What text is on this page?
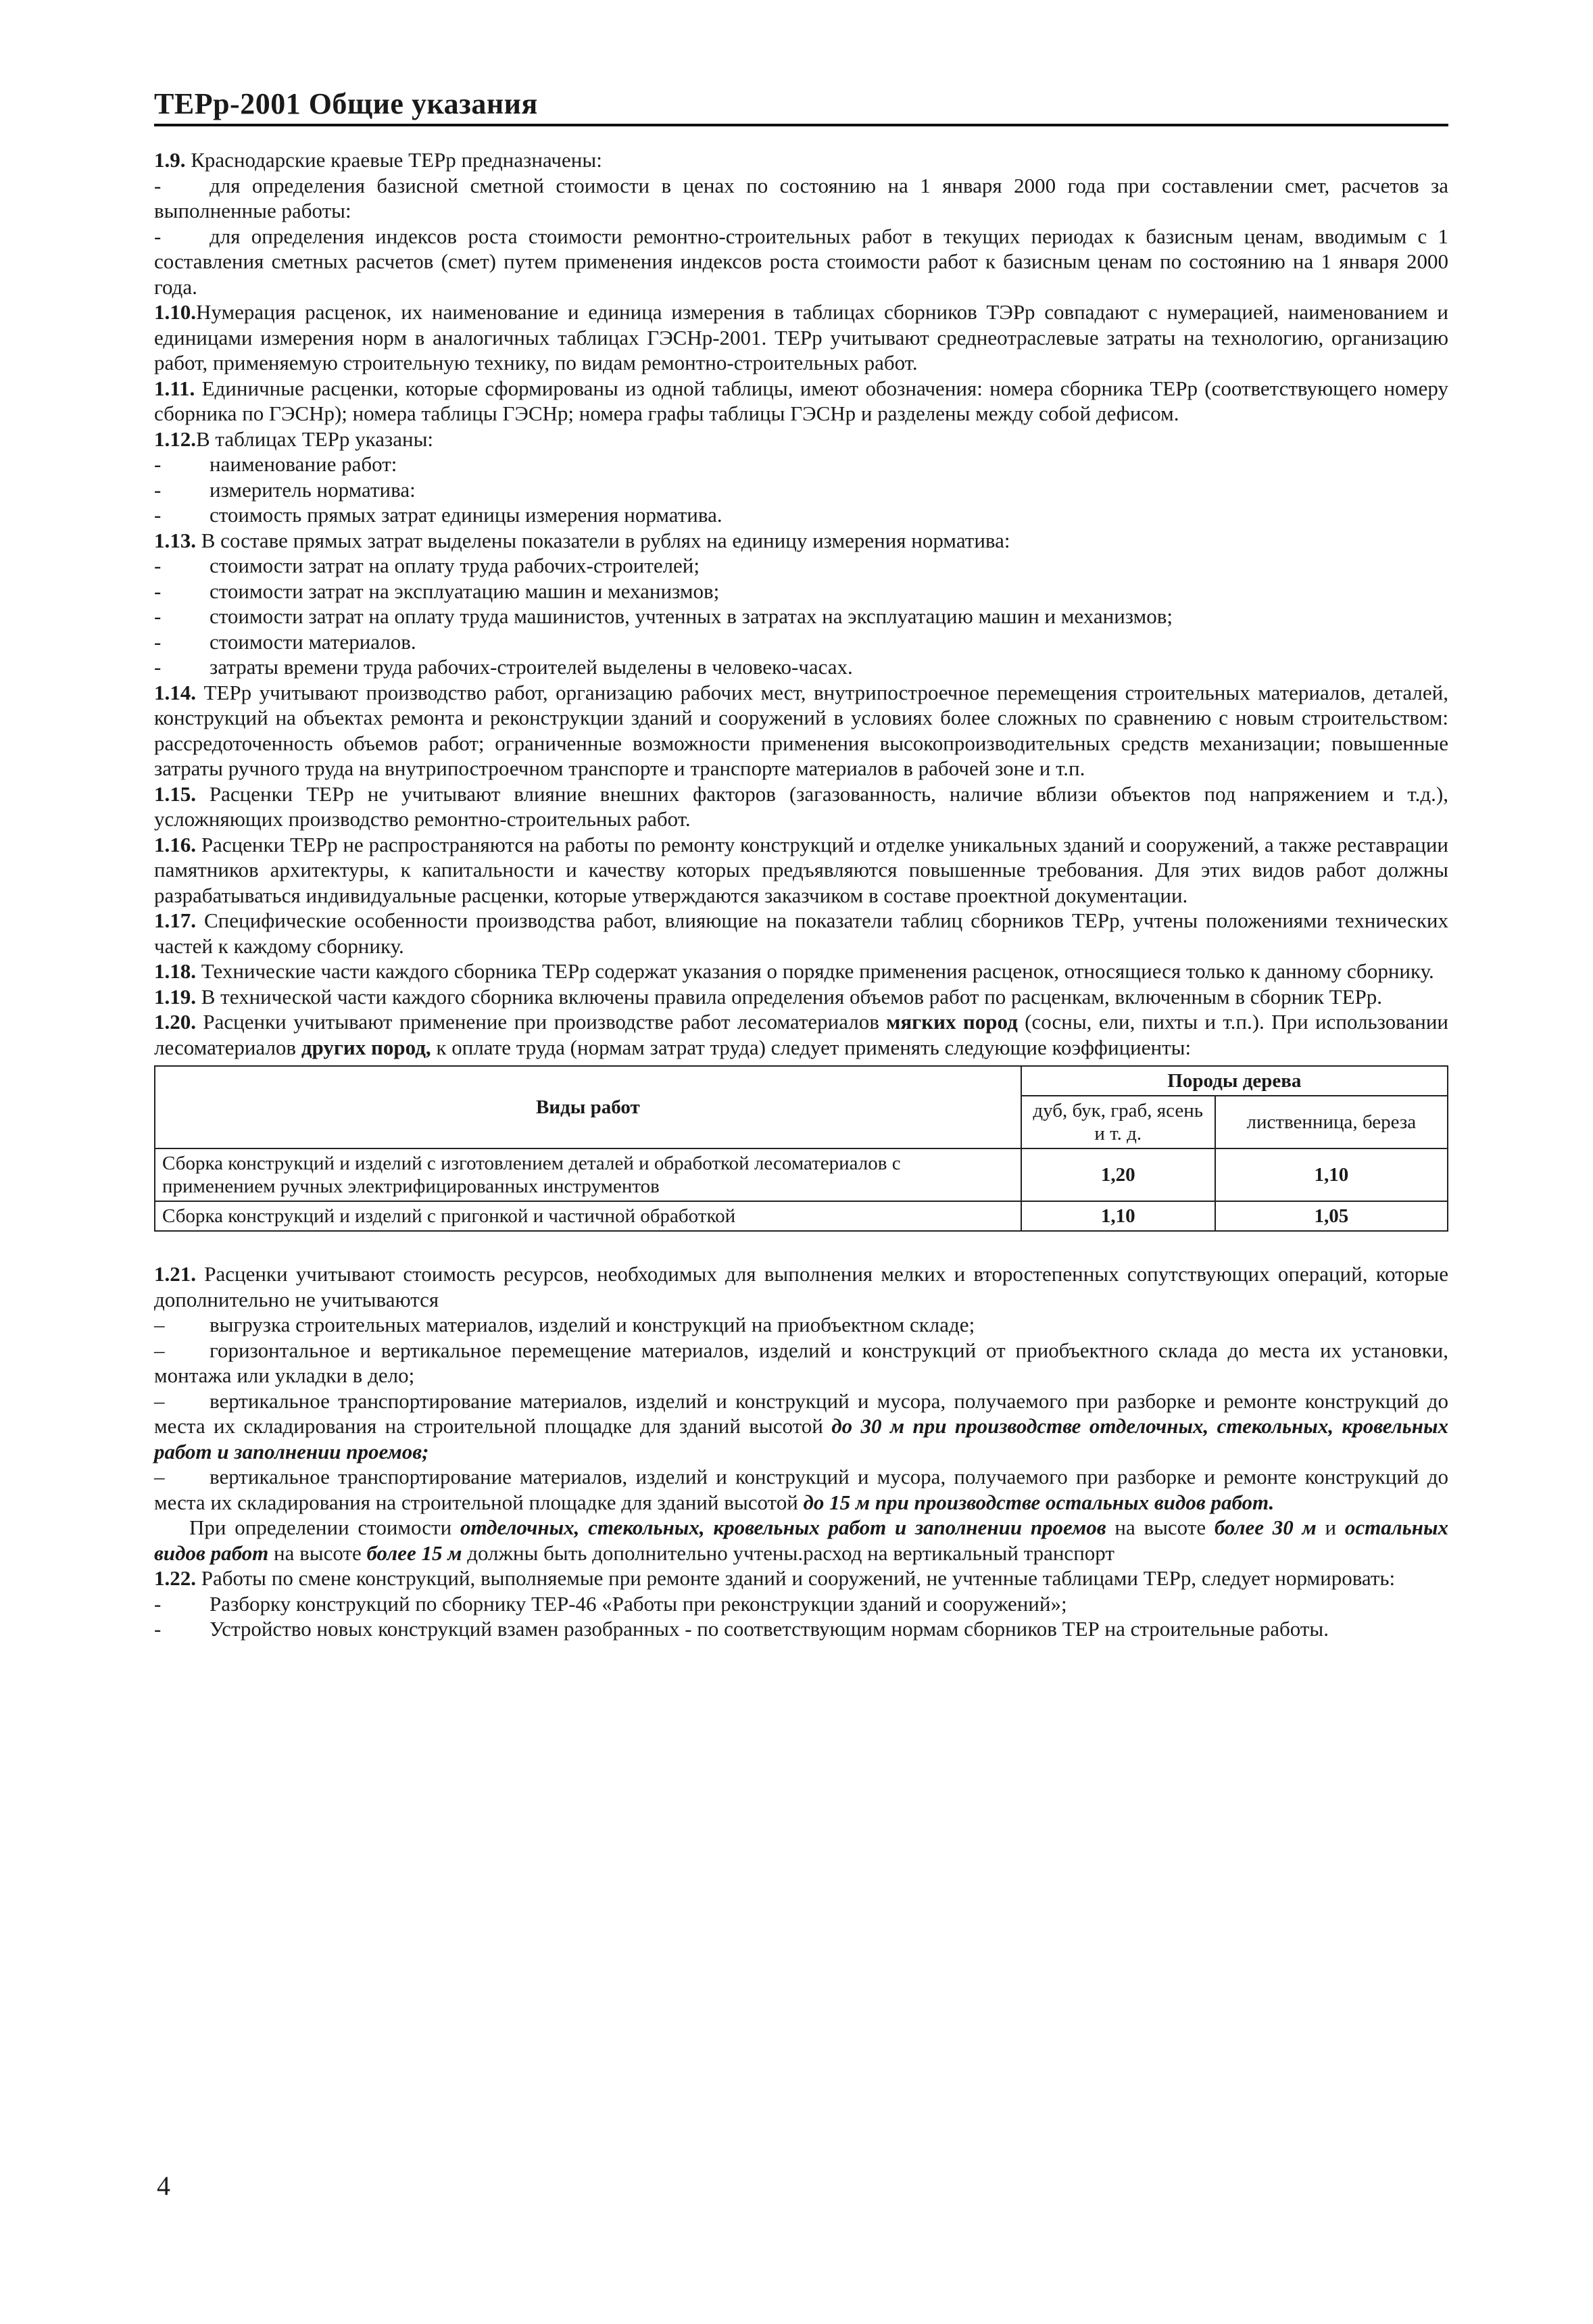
ТЕРр-2001 Общие указания

1.9. Краснодарские краевые ТЕРр предназначены:

- для определения базисной сметной стоимости в ценах по состоянию на 1 января 2000 года при составлении смет, расчетов за выполненные работы:

- для определения индексов роста стоимости ремонтно-строительных работ в текущих периодах к базисным ценам, вводимым с 1 составления сметных расчетов (смет) путем применения индексов роста стоимости работ к базисным ценам по состоянию на 1 января 2000 года.

1.10.Нумерация расценок, их наименование и единица измерения в таблицах сборников ТЭРр совпадают с нумерацией, наименованием и единицами измерения норм в аналогичных таблицах ГЭСНр-2001. ТЕРр учитывают среднеотраслевые затраты на технологию, организацию работ, применяемую строительную технику, по видам ремонтно-строительных работ.

1.11. Единичные расценки, которые сформированы из одной таблицы, имеют обозначения: номера сборника ТЕРр (соответствующего номеру сборника по ГЭСНр); номера таблицы ГЭСНр; номера графы таблицы ГЭСНр и разделены между собой дефисом.

1.12.В таблицах ТЕРр указаны:

- наименование работ:

- измеритель норматива:

- стоимость прямых затрат единицы измерения норматива.

1.13. В составе прямых затрат выделены показатели в рублях на единицу измерения норматива:

- стоимости затрат на оплату труда рабочих-строителей;

- стоимости затрат на эксплуатацию машин и механизмов;

- стоимости затрат на оплату труда машинистов, учтенных в затратах на эксплуатацию машин и механизмов;

- стоимости материалов.

- затраты времени труда рабочих-строителей выделены в человеко-часах.

1.14. ТЕРр учитывают производство работ, организацию рабочих мест, внутрипостроечное перемещения строительных материалов, деталей, конструкций на объектах ремонта и реконструкции зданий и сооружений в условиях более сложных по сравнению с новым строительством: рассредоточенность объемов работ; ограниченные возможности применения высокопроизводительных средств механизации; повышенные затраты ручного труда на внутрипостроечном транспорте и транспорте материалов в рабочей зоне и т.п.

1.15. Расценки ТЕРр не учитывают влияние внешних факторов (загазованность, наличие вблизи объектов под напряжением и т.д.), усложняющих производство ремонтно-строительных работ.

1.16. Расценки ТЕРр не распространяются на работы по ремонту конструкций и отделке уникальных зданий и сооружений, а также реставрации памятников архитектуры, к капитальности и качеству которых предъявляются повышенные требования. Для этих видов работ должны разрабатываться индивидуальные расценки, которые утверждаются заказчиком в составе проектной документации.

1.17. Специфические особенности производства работ, влияющие на показатели таблиц сборников ТЕРр, учтены положениями технических частей к каждому сборнику.

1.18. Технические части каждого сборника ТЕРр содержат указания о порядке применения расценок, относящиеся только к данному сборнику.

1.19. В технической части каждого сборника включены правила определения объемов работ по расценкам, включенным в сборник ТЕРр.

1.20. Расценки учитывают применение при производстве работ лесоматериалов мягких пород (сосны, ели, пихты и т.п.). При использовании лесоматериалов других пород, к оплате труда (нормам затрат труда) следует применять следующие коэффициенты:

Виды работ	Породы дерева	
	дуб, бук, граб, ясень и т. д.	лиственница, береза
Сборка конструкций и изделий с изготовлением деталей и обработкой лесоматериалов с применением ручных электрифицированных инструментов	1,20	1,10
Сборка конструкций и изделий с пригонкой и частичной обработкой	1,10	1,05

1.21. Расценки учитывают стоимость ресурсов, необходимых для выполнения мелких и второстепенных сопутствующих операций, которые дополнительно не учитываются

– выгрузка строительных материалов, изделий и конструкций на приобъектном складе;

– горизонтальное и вертикальное перемещение материалов, изделий и конструкций от приобъектного склада до места их установки, монтажа или укладки в дело;

– вертикальное транспортирование материалов, изделий и конструкций и мусора, получаемого при разборке и ремонте конструкций до места их складирования на строительной площадке для зданий высотой до 30 м при производстве отделочных, стекольных, кровельных работ и заполнении проемов;

– вертикальное транспортирование материалов, изделий и конструкций и мусора, получаемого при разборке и ремонте конструкций до места их складирования на строительной площадке для зданий высотой до 15 м при производстве остальных видов работ.

При определении стоимости отделочных, стекольных, кровельных работ и заполнении проемов на высоте более 30 м и остальных видов работ на высоте более 15 м должны быть дополнительно учтены.расход на вертикальный транспорт

1.22. Работы по смене конструкций, выполняемые при ремонте зданий и сооружений, не учтенные таблицами ТЕРр, следует нормировать:

- Разборку конструкций по сборнику ТЕР-46 «Работы при реконструкции зданий и сооружений»;

- Устройство новых конструкций взамен разобранных - по соответствующим нормам сборников ТЕР на строительные работы.

4
